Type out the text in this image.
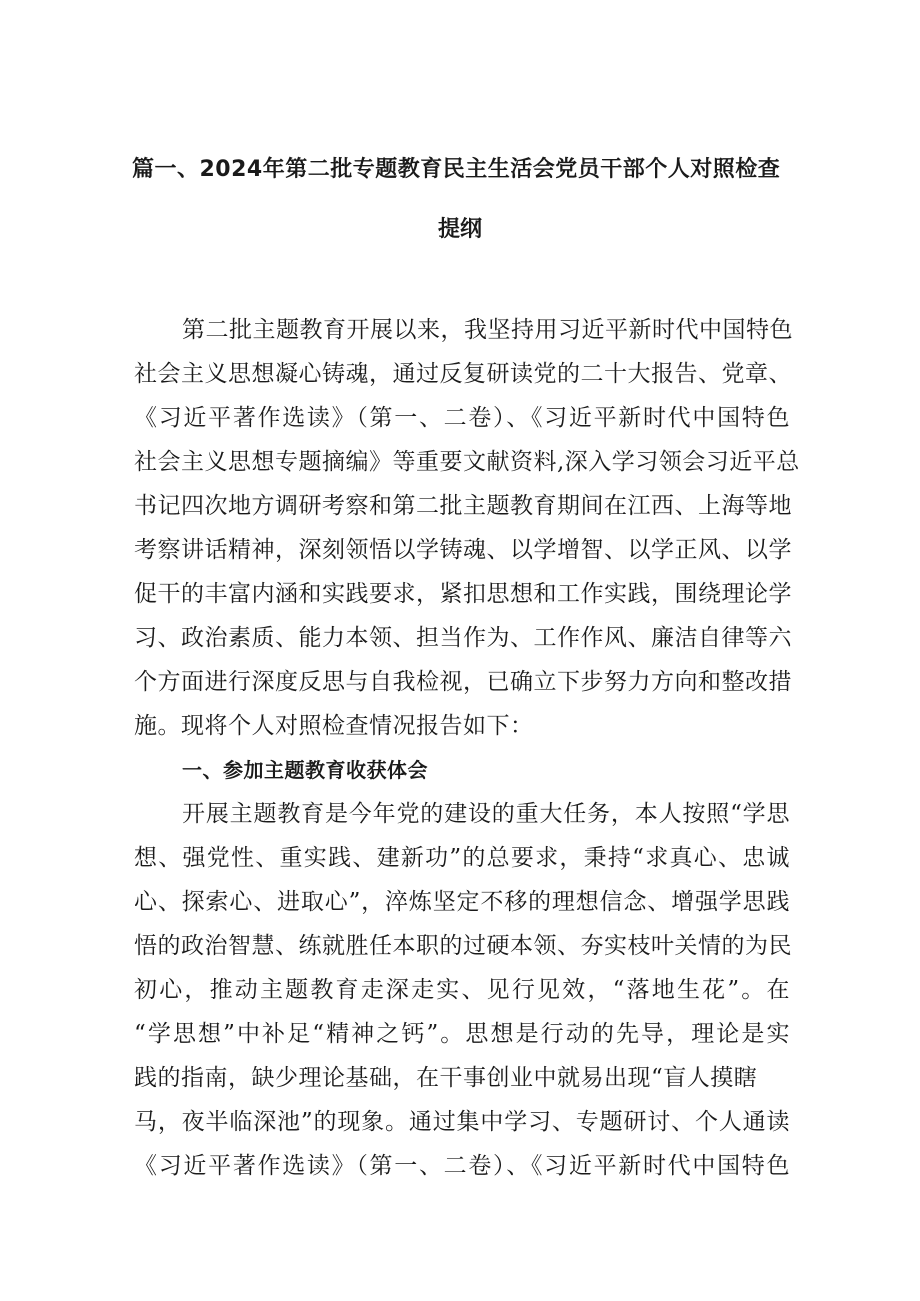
篇一、2024年第二批专题教育民主生活会党员干部个人对照检查
提纲
第二批主题教育开展以来，我坚持用习近平新时代中国特色
社会主义思想凝心铸魂，通过反复研读党的二十大报告、党章、
《习近平著作选读》（第一、二卷）、《习近平新时代中国特色
社会主义思想专题摘编》等重要文献资料,深入学习领会习近平总
书记四次地方调研考察和第二批主题教育期间在江西、上海等地
考察讲话精神，深刻领悟以学铸魂、以学增智、以学正风、以学
促干的丰富内涵和实践要求，紧扣思想和工作实践，围绕理论学
习、政治素质、能力本领、担当作为、工作作风、廉洁自律等六
个方面进行深度反思与自我检视，已确立下步努力方向和整改措
施。现将个人对照检查情况报告如下：
一、参加主题教育收获体会
开展主题教育是今年党的建设的重大任务，本人按照“学思
想、强党性、重实践、建新功”的总要求，秉持“求真心、忠诚
心、探索心、进取心”，淬炼坚定不移的理想信念、增强学思践
悟的政治智慧、练就胜任本职的过硬本领、夯实枝叶关情的为民
初心，推动主题教育走深走实、见行见效，“落地生花”。在
“学思想”中补足“精神之钙”。思想是行动的先导，理论是实
践的指南，缺少理论基础，在干事创业中就易出现“盲人摸瞎
马，夜半临深池”的现象。通过集中学习、专题研讨、个人通读
《习近平著作选读》（第一、二卷）、《习近平新时代中国特色
